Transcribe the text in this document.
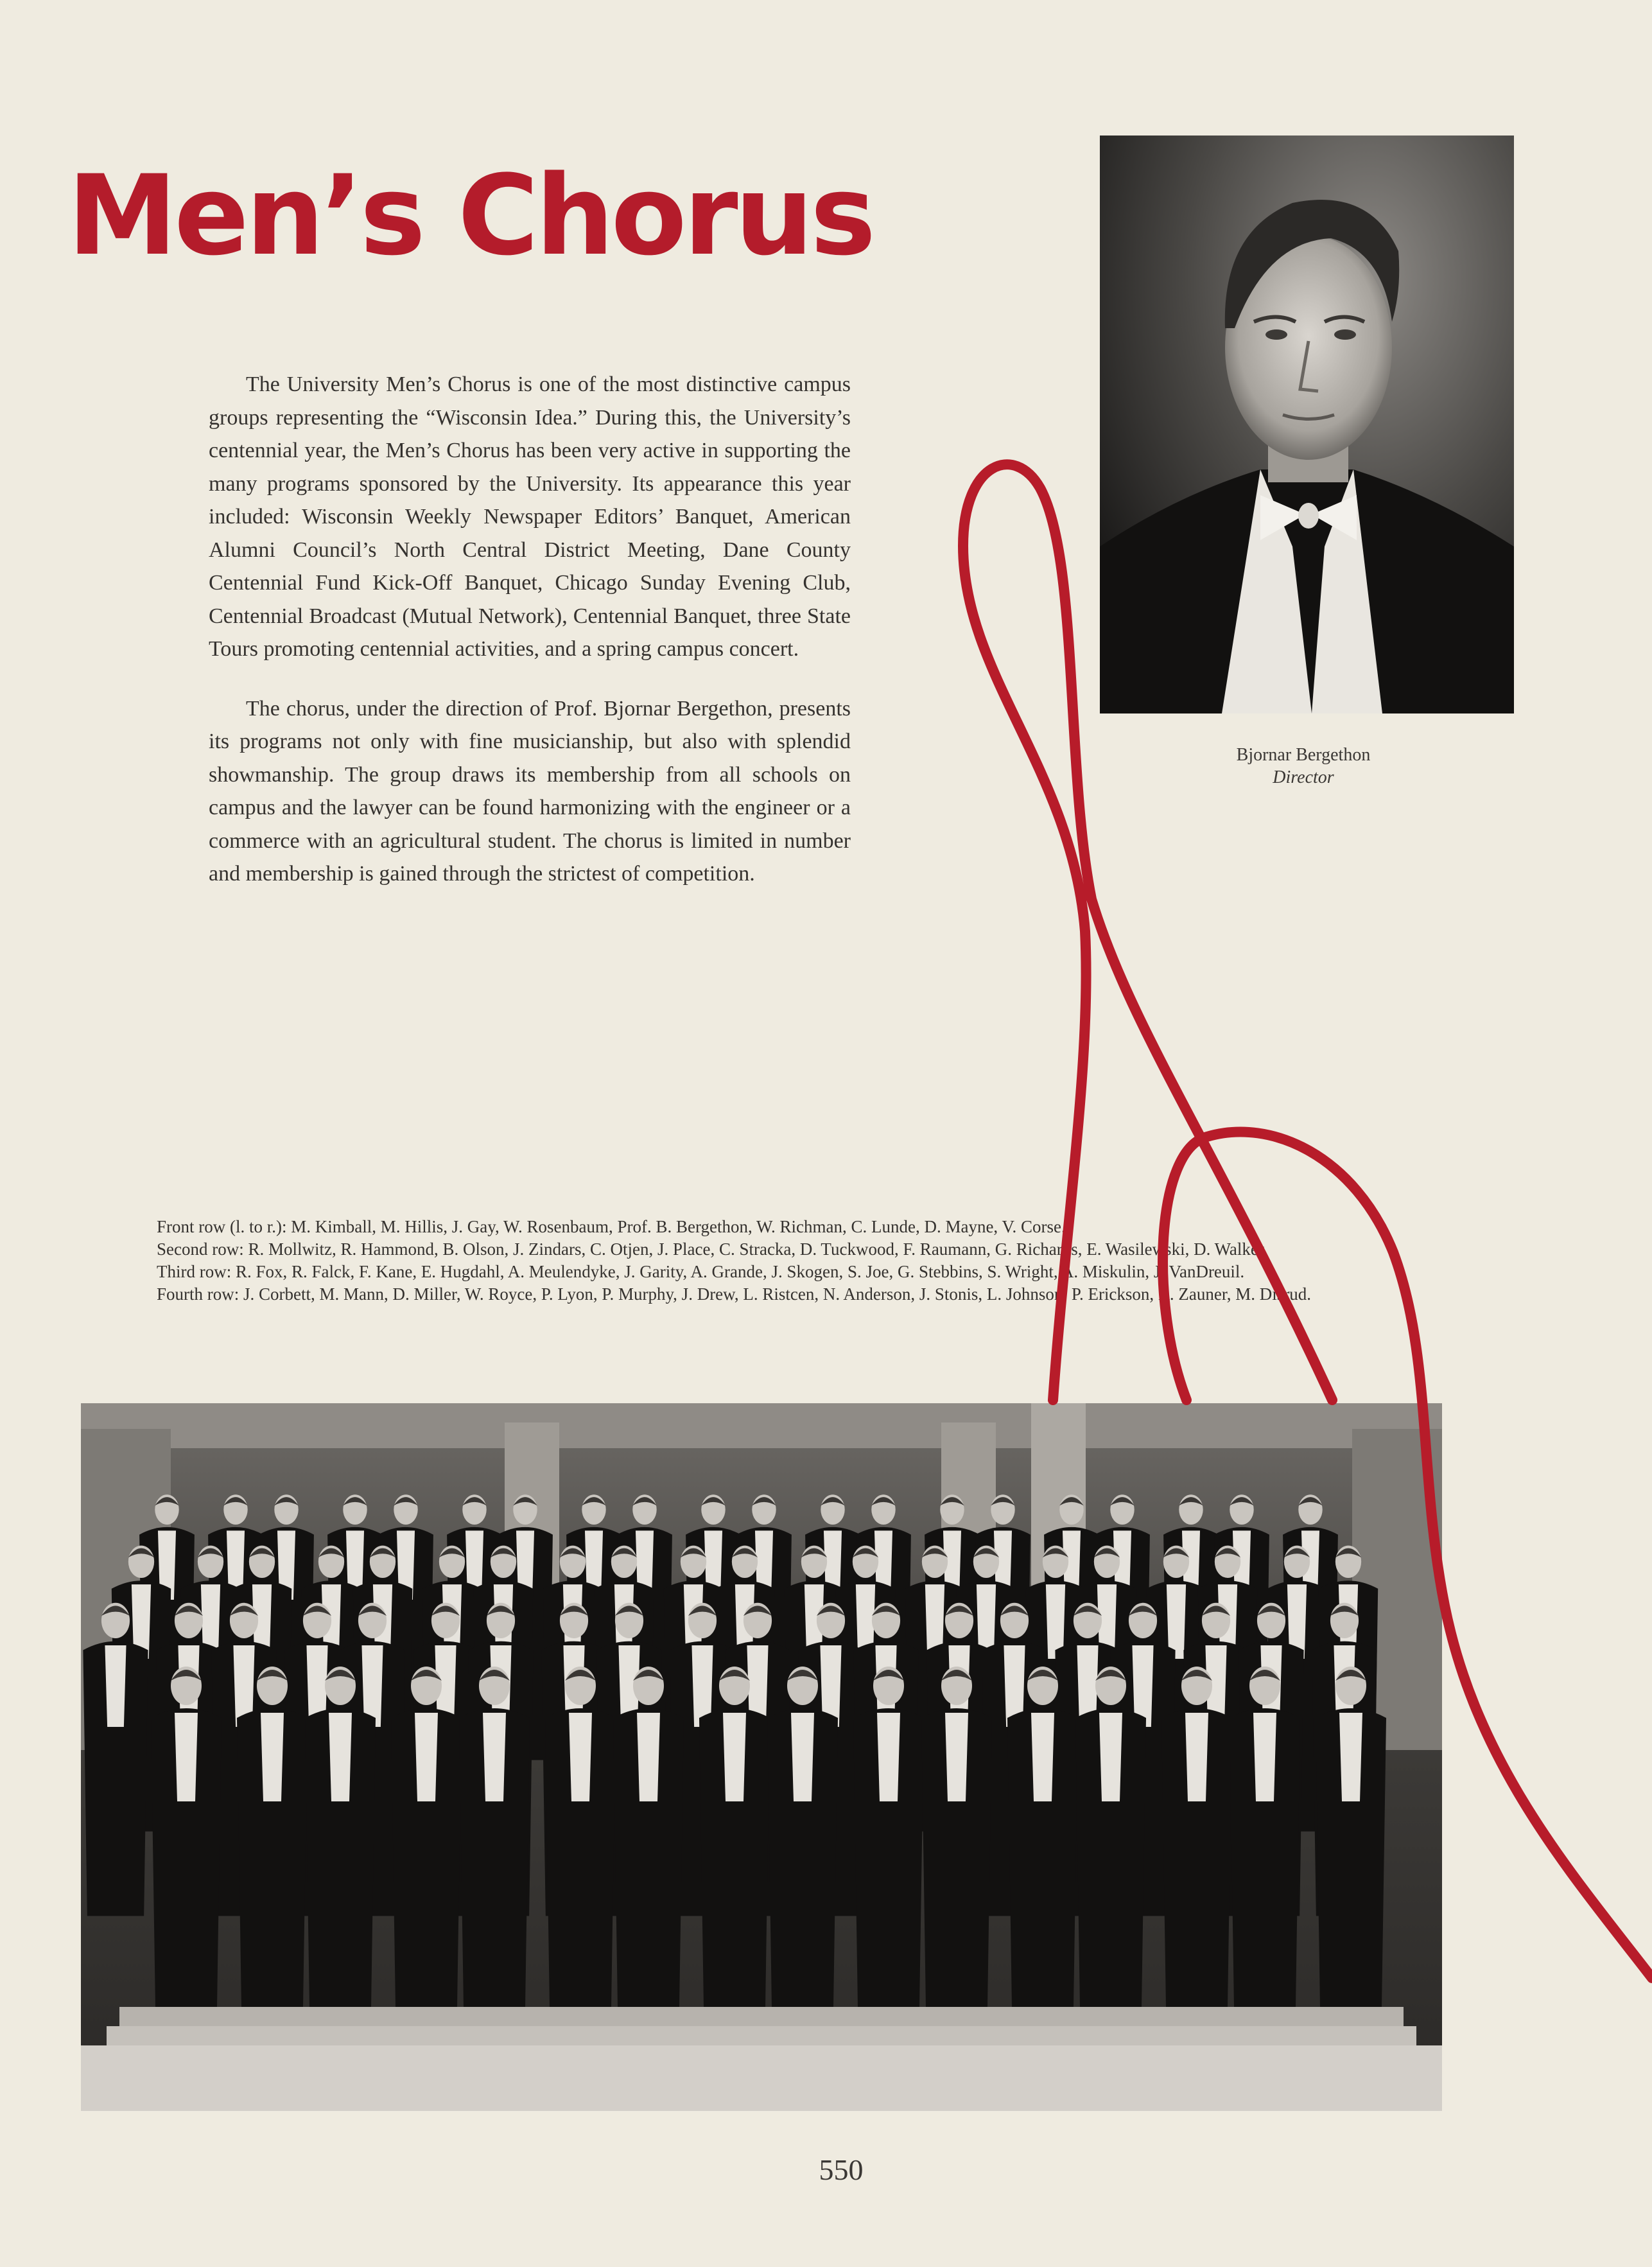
Men’s Chorus

The University Men’s Chorus is one of the most distinctive campus groups representing the “Wisconsin Idea.” During this, the University’s centennial year, the Men’s Chorus has been very active in supporting the many programs sponsored by the University. Its appearance this year included: Wisconsin Weekly Newspaper Editors’ Banquet, American Alumni Council’s North Central District Meeting, Dane County Centennial Fund Kick-Off Banquet, Chicago Sunday Evening Club, Centennial Broadcast (Mutual Network), Centennial Banquet, three State Tours promoting centennial activities, and a spring campus concert.

The chorus, under the direction of Prof. Bjornar Bergethon, presents its programs not only with fine musicianship, but also with splendid showmanship. The group draws its membership from all schools on campus and the lawyer can be found harmonizing with the engineer or a commerce with an agricultural student. The chorus is limited in number and membership is gained through the strictest of competition.

Bjornar Bergethon

Director
Front row (l. to r.): M. Kimball, M. Hillis, J. Gay, W. Rosenbaum, Prof. B. Bergethon, W. Richman, C. Lunde, D. Mayne, V. Corse.
Second row: R. Mollwitz, R. Hammond, B. Olson, J. Zindars, C. Otjen, J. Place, C. Stracka, D. Tuckwood, F. Raumann, G. Richards, E. Wasilewski, D. Walker.
Third row: R. Fox, R. Falck, F. Kane, E. Hugdahl, A. Meulendyke, J. Garity, A. Grande, J. Skogen, S. Joe, G. Stebbins, S. Wright, A. Miskulin, J. VanDreuil.
Fourth row: J. Corbett, M. Mann, D. Miller, W. Royce, P. Lyon, P. Murphy, J. Drew, L. Ristcen, N. Anderson, J. Stonis, L. Johnson, P. Erickson, R. Zauner, M. Disrud.
550
